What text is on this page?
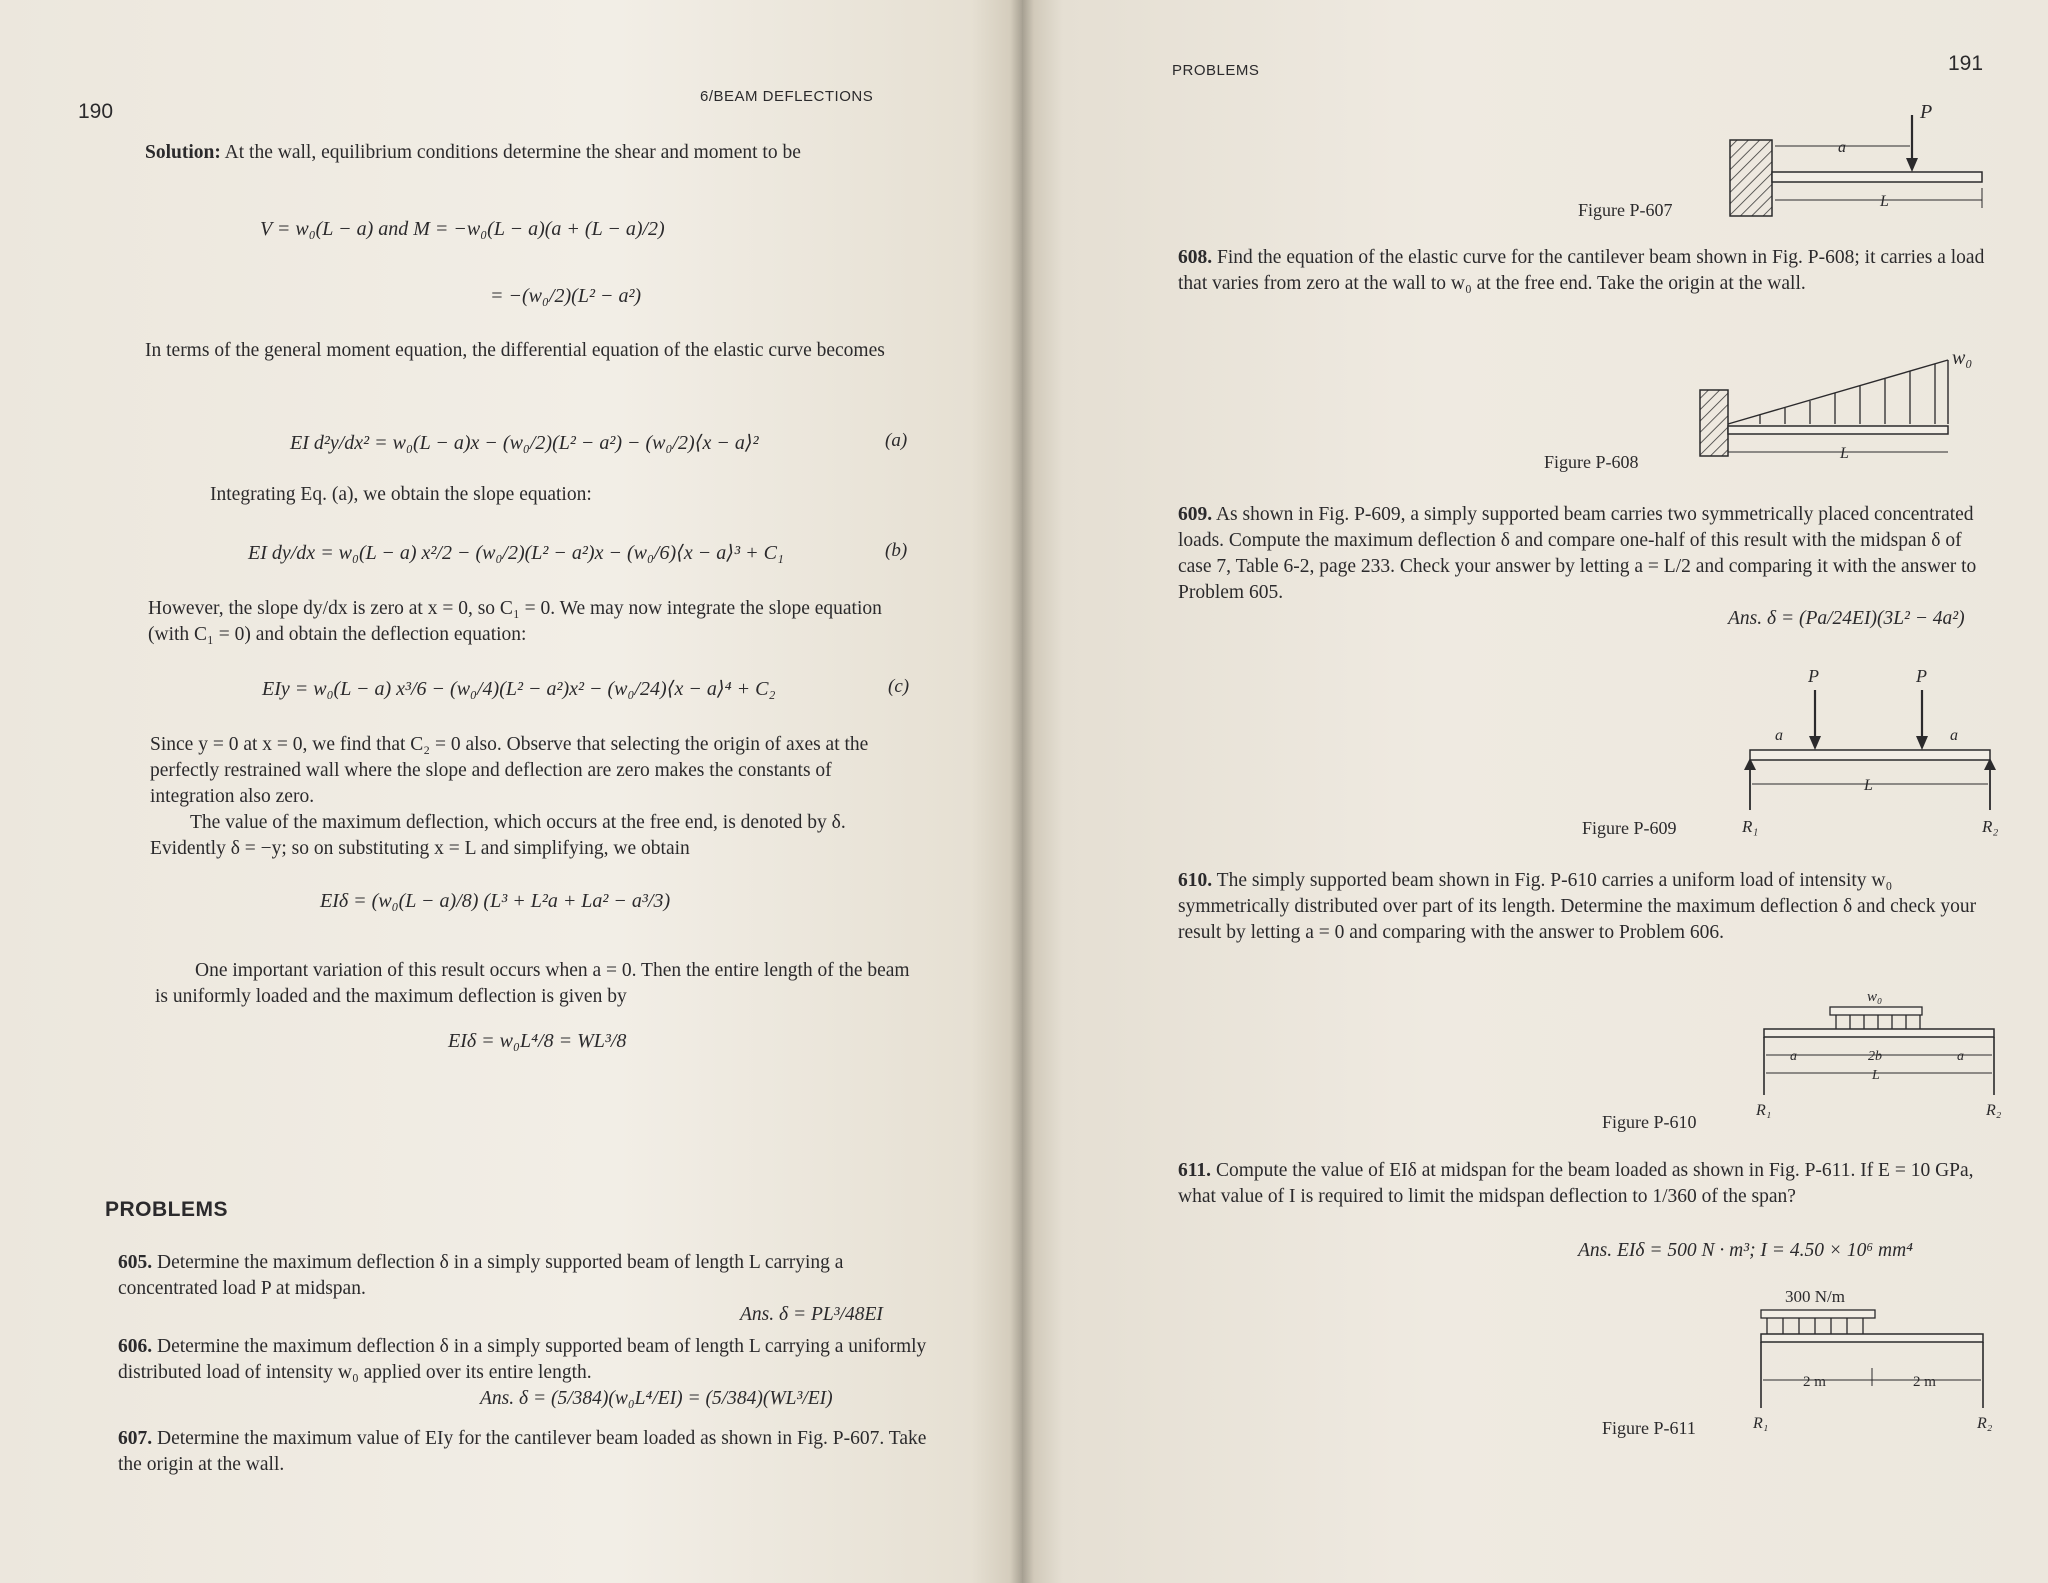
190
6/BEAM DEFLECTIONS
Solution: At the wall, equilibrium conditions determine the shear and moment to be
V = w₀(L − a) and M = −w₀(L − a)(a + (L − a)/2)
= −(w₀/2)(L² − a²)
In terms of the general moment equation, the differential equation of the elastic curve becomes
EI d²y/dx² = w₀(L − a)x − (w₀/2)(L² − a²) − (w₀/2)⟨x − a⟩²	(a)
Integrating Eq. (a), we obtain the slope equation:
EI dy/dx = w₀(L − a) x²/2 − (w₀/2)(L² − a²)x − (w₀/6)⟨x − a⟩³ + C₁	(b)
However, the slope dy/dx is zero at x = 0, so C₁ = 0. We may now integrate the slope equation (with C₁ = 0) and obtain the deflection equation:
EIy = w₀(L − a) x³/6 − (w₀/4)(L² − a²)x² − (w₀/24)⟨x − a⟩⁴ + C₂	(c)
Since y = 0 at x = 0, we find that C₂ = 0 also. Observe that selecting the origin of axes at the perfectly restrained wall where the slope and deflection are zero makes the constants of integration also zero.
The value of the maximum deflection, which occurs at the free end, is denoted by δ. Evidently δ = −y; so on substituting x = L and simplifying, we obtain
EIδ = (w₀(L − a)/8) (L³ + L²a + La² − a³/3)
One important variation of this result occurs when a = 0. Then the entire length of the beam is uniformly loaded and the maximum deflection is given by
EIδ = w₀L⁴/8 = WL³/8
PROBLEMS
605. Determine the maximum deflection δ in a simply supported beam of length L carrying a concentrated load P at midspan.
Ans. δ = PL³/48EI
606. Determine the maximum deflection δ in a simply supported beam of length L carrying a uniformly distributed load of intensity w₀ applied over its entire length.
Ans. δ = (5/384)(w₀L⁴/EI) = (5/384)(WL³/EI)
607. Determine the maximum value of EIy for the cantilever beam loaded as shown in Fig. P-607. Take the origin at the wall.
PROBLEMS	191
P
a
L
Figure P-607
608. Find the equation of the elastic curve for the cantilever beam shown in Fig. P-608; it carries a load that varies from zero at the wall to w₀ at the free end. Take the origin at the wall.
w₀
L
Figure P-608
609. As shown in Fig. P-609, a simply supported beam carries two symmetrically placed concentrated loads. Compute the maximum deflection δ and compare one-half of this result with the midspan δ of case 7, Table 6-2, page 233. Check your answer by letting a = L/2 and comparing it with the answer to Problem 605.
Ans. δ = (Pa/24EI)(3L² − 4a²)
P	P
a	a
L
R₁	R₂
Figure P-609
610. The simply supported beam shown in Fig. P-610 carries a uniform load of intensity w₀ symmetrically distributed over part of its length. Determine the maximum deflection δ and check your result by letting a = 0 and comparing with the answer to Problem 606.
w₀
a	2b	a
L
R₁	R₂
Figure P-610
611. Compute the value of EIδ at midspan for the beam loaded as shown in Fig. P-611. If E = 10 GPa, what value of I is required to limit the midspan deflection to 1/360 of the span?
Ans. EIδ = 500 N · m³; I = 4.50 × 10⁶ mm⁴
300 N/m
2 m	2 m
R₁	R₂
Figure P-611
